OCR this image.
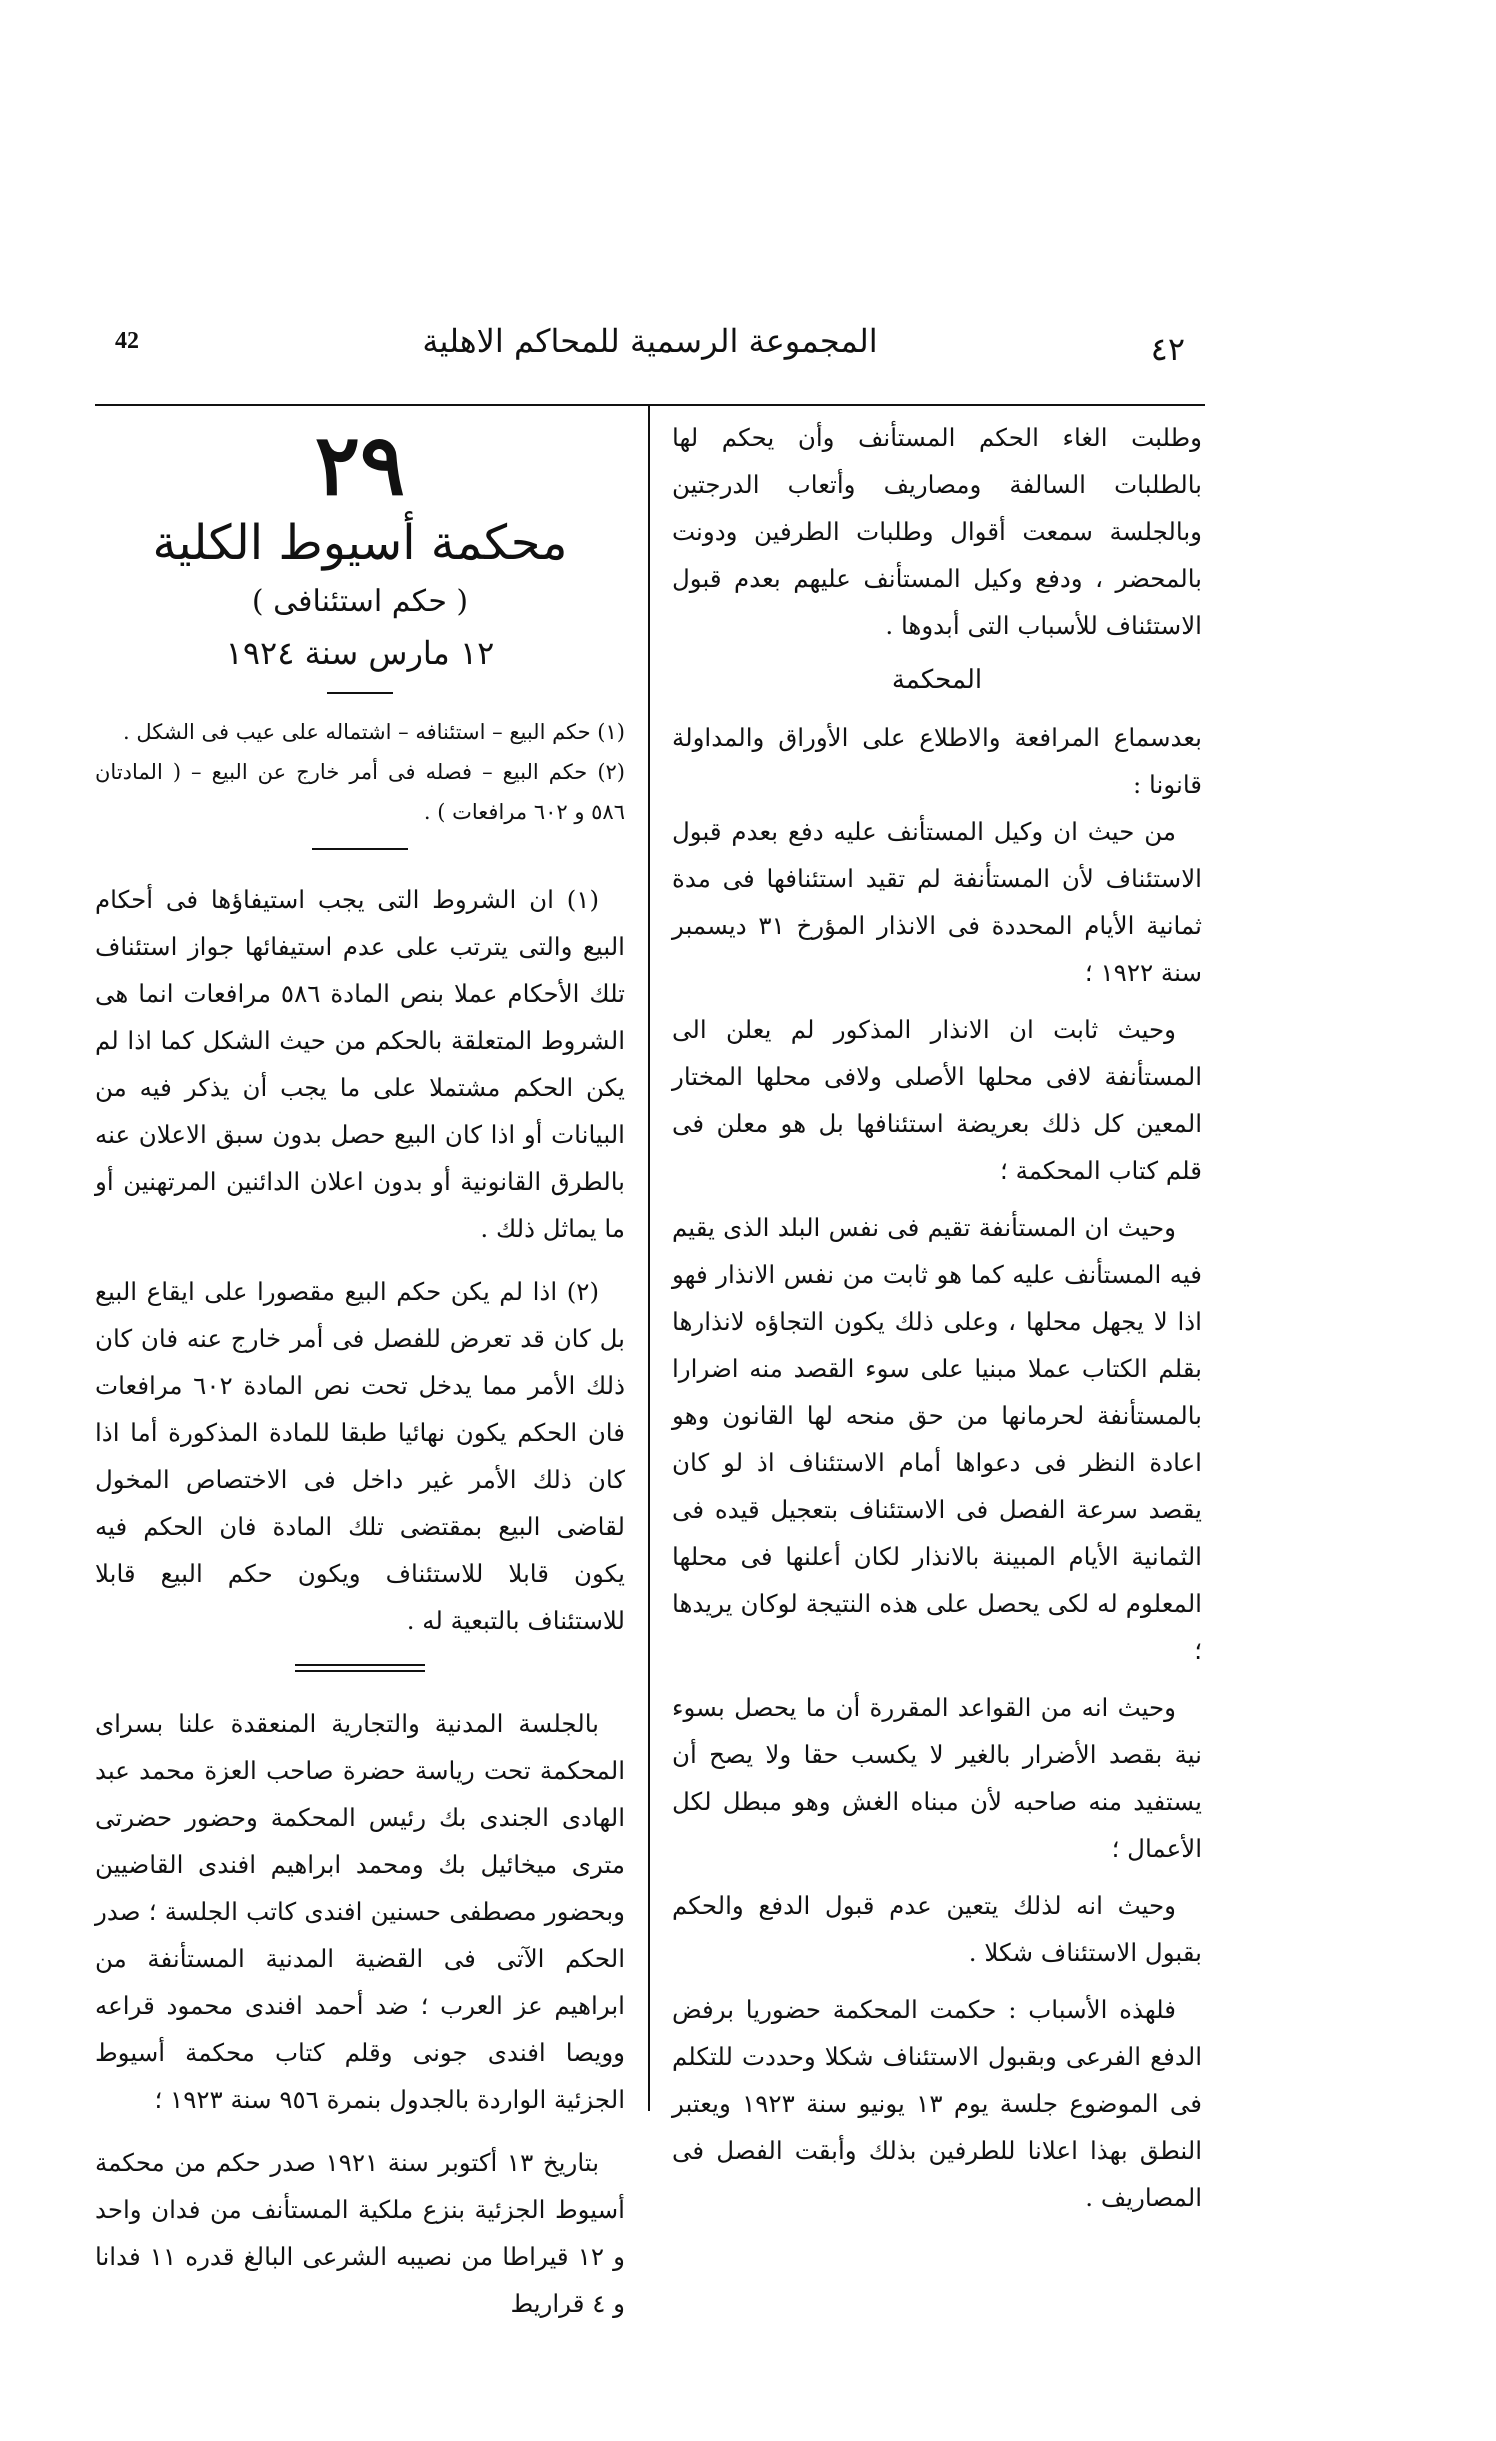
42	المجموعة الرسمية للمحاكم الاهلية	٤٢

وطلبت الغاء الحكم المستأنف وأن يحكم لها بالطلبات السالفة ومصاريف وأتعاب الدرجتين وبالجلسة سمعت أقوال وطلبات الطرفين ودونت بالمحضر ، ودفع وكيل المستأنف عليهم بعدم قبول الاستئناف للأسباب التى أبدوها .

المحكمة

بعدسماع المرافعة والاطلاع على الأوراق والمداولة قانونا :

من حيث ان وكيل المستأنف عليه دفع بعدم قبول الاستئناف لأن المستأنفة لم تقيد استئنافها فى مدة ثمانية الأيام المحددة فى الانذار المؤرخ ٣١ ديسمبر سنة ١٩٢٢ ؛

وحيث ثابت ان الانذار المذكور لم يعلن الى المستأنفة لافى محلها الأصلى ولافى محلها المختار المعين كل ذلك بعريضة استئنافها بل هو معلن فى قلم كتاب المحكمة ؛

وحيث ان المستأنفة تقيم فى نفس البلد الذى يقيم فيه المستأنف عليه كما هو ثابت من نفس الانذار فهو اذا لا يجهل محلها ، وعلى ذلك يكون التجاؤه لانذارها بقلم الكتاب عملا مبنيا على سوء القصد منه اضرارا بالمستأنفة لحرمانها من حق منحه لها القانون وهو اعادة النظر فى دعواها أمام الاستئناف اذ لو كان يقصد سرعة الفصل فى الاستئناف بتعجيل قيده فى الثمانية الأيام المبينة بالانذار لكان أعلنها فى محلها المعلوم له لكى يحصل على هذه النتيجة لوكان يريدها ؛

وحيث انه من القواعد المقررة أن ما يحصل بسوء نية بقصد الأضرار بالغير لا يكسب حقا ولا يصح أن يستفيد منه صاحبه لأن مبناه الغش وهو مبطل لكل الأعمال ؛

وحيث انه لذلك يتعين عدم قبول الدفع والحكم بقبول الاستئناف شكلا .

فلهذه الأسباب : حكمت المحكمة حضوريا برفض الدفع الفرعى وبقبول الاستئناف شكلا وحددت للتكلم فى الموضوع جلسة يوم ١٣ يونيو سنة ١٩٢٣ ويعتبر النطق بهذا اعلانا للطرفين بذلك وأبقت الفصل فى المصاريف .

٢٩
محكمة أسيوط الكلية
( حكم استئنافى )
١٢ مارس سنة ١٩٢٤

(١) حكم البيع – استئنافه – اشتماله على عيب فى الشكل .

(٢) حكم البيع – فصله فى أمر خارج عن البيع – ( المادتان ٥٨٦ و ٦٠٢ مرافعات ) .

(١) ان الشروط التى يجب استيفاؤها فى أحكام البيع والتى يترتب على عدم استيفائها جواز استئناف تلك الأحكام عملا بنص المادة ٥٨٦ مرافعات انما هى الشروط المتعلقة بالحكم من حيث الشكل كما اذا لم يكن الحكم مشتملا على ما يجب أن يذكر فيه من البيانات أو اذا كان البيع حصل بدون سبق الاعلان عنه بالطرق القانونية أو بدون اعلان الدائنين المرتهنين أو ما يماثل ذلك .

(٢) اذا لم يكن حكم البيع مقصورا على ايقاع البيع بل كان قد تعرض للفصل فى أمر خارج عنه فان كان ذلك الأمر مما يدخل تحت نص المادة ٦٠٢ مرافعات فان الحكم يكون نهائيا طبقا للمادة المذكورة أما اذا كان ذلك الأمر غير داخل فى الاختصاص المخول لقاضى البيع بمقتضى تلك المادة فان الحكم فيه يكون قابلا للاستئناف ويكون حكم البيع قابلا للاستئناف بالتبعية له .

بالجلسة المدنية والتجارية المنعقدة علنا بسراى المحكمة تحت رياسة حضرة صاحب العزة محمد عبد الهادى الجندى بك رئيس المحكمة وحضور حضرتى مترى ميخائيل بك ومحمد ابراهيم افندى القاضيين وبحضور مصطفى حسنين افندى كاتب الجلسة ؛ صدر الحكم الآتى فى القضية المدنية المستأنفة من ابراهيم عز العرب ؛ ضد أحمد افندى محمود قراعه وويصا افندى جونى وقلم كتاب محكمة أسيوط الجزئية الواردة بالجدول بنمرة ٩٥٦ سنة ١٩٢٣ ؛

بتاريخ ١٣ أكتوبر سنة ١٩٢١ صدر حكم من محكمة أسيوط الجزئية بنزع ملكية المستأنف من فدان واحد و ١٢ قيراطا من نصيبه الشرعى البالغ قدره ١١ فدانا و ٤ قراريط
